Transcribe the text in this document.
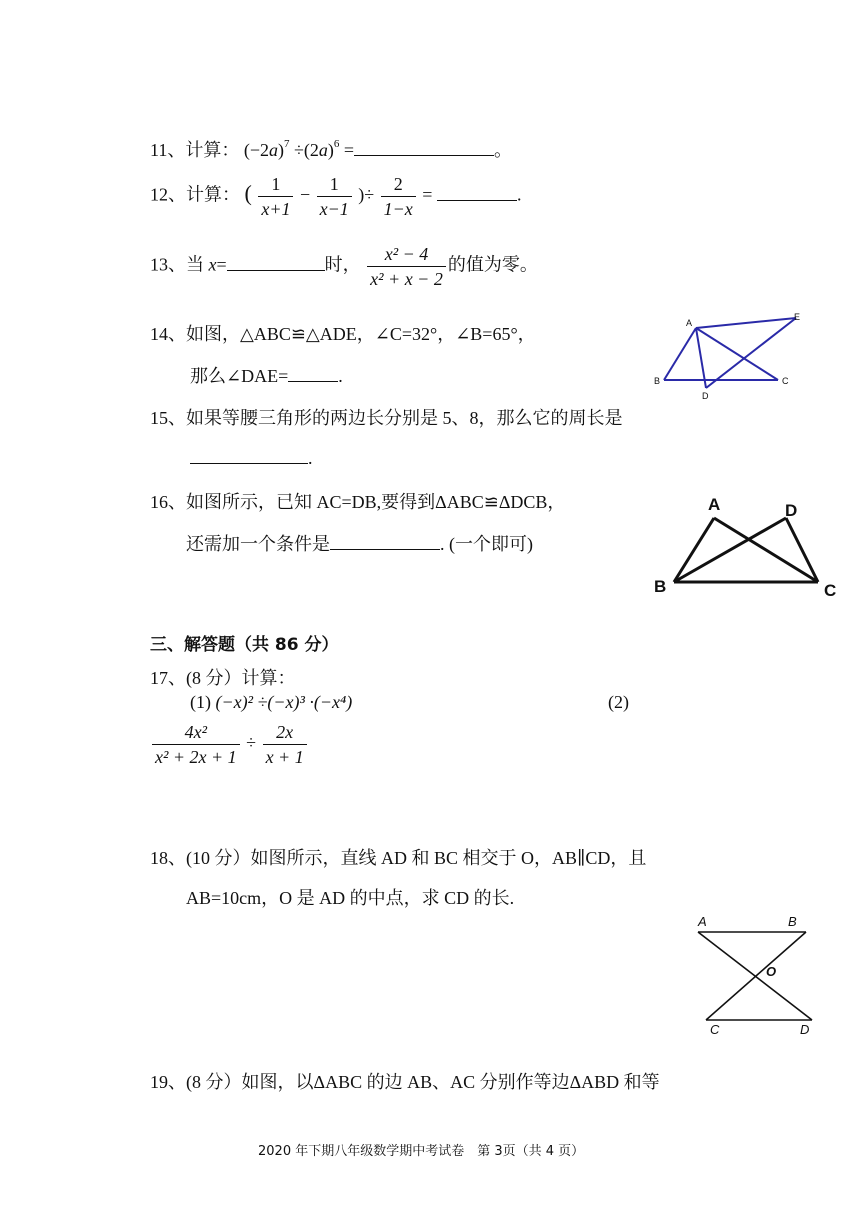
11、计算： $(-2a)^7 \div(2a)^6$ =	。
12、计算： ( $\frac{1}{x+1} - \frac{1}{x-1}$ )÷ $\frac{2}{1-x}$ =	.
13、当 x=	时， $\frac{\text{x² − 4}}{\text{x² + x − 2}}$ 的值为零。
14、如图，△ABC≌△ADE，∠C=32°，∠B=65°，
那么∠DAE=	.
A
B	C
D
E
15、如果等腰三角形的两边长分别是 5、8，那么它的周长是
.
16、如图所示，已知 AC=DB,要得到ΔABC≌ΔDCB，
还需加一个条件是	. (一个即可)
A	D
B	C
三、解答题（共 86 分）
17、(8 分）计算：
(1) (−x)² ÷(−x)³ ·(−x⁴)	(2)
$\frac{\text{4x²}}{\text{x² + 2x + 1}} \div \frac{2x}{x + 1}$
18、(10 分）如图所示，直线 AD 和 BC 相交于 O，AB∥CD，且
AB=10cm，O 是 AD 的中点，求 CD 的长.
A	B
O
C	D
19、(8 分）如图，以ΔABC 的边 AB、AC 分别作等边ΔABD 和等
2020 年下期八年级数学期中考试卷　第 3页（共 4 页）
